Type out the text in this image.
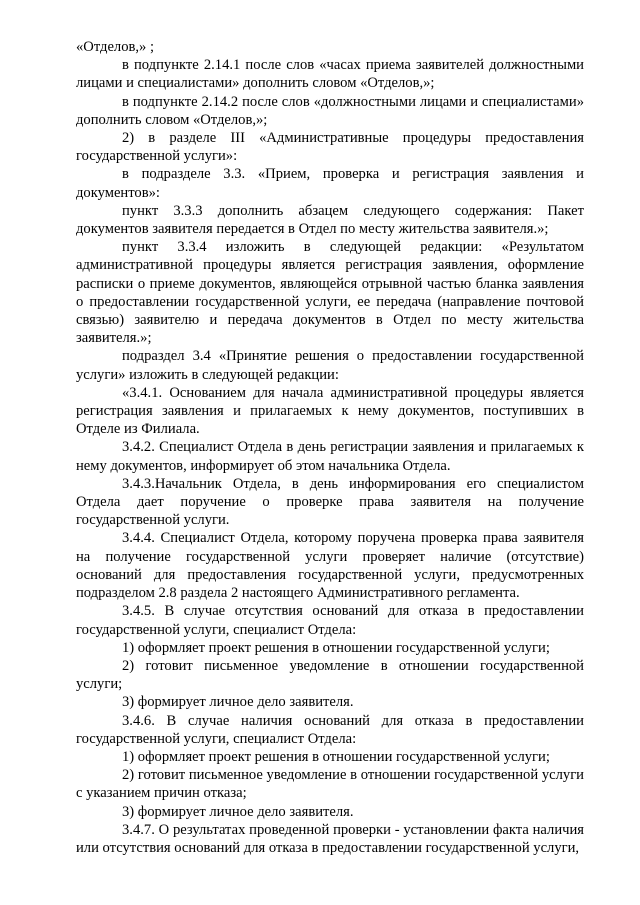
«Отделов,» ;

в подпункте 2.14.1 после слов «часах приема заявителей должностными лицами и специалистами» дополнить словом «Отделов,»;

в подпункте 2.14.2 после слов «должностными лицами и специалистами» дополнить словом «Отделов,»;

2) в разделе III «Административные процедуры предоставления государственной услуги»:

в подразделе 3.3. «Прием, проверка и регистрация заявления и документов»:

пункт 3.3.3 дополнить абзацем следующего содержания: Пакет документов заявителя передается в Отдел по месту жительства заявителя.»;

пункт 3.3.4 изложить в следующей редакции: «Результатом административной процедуры является регистрация заявления, оформление расписки о приеме документов, являющейся отрывной частью бланка заявления о предоставлении государственной услуги, ее передача (направление почтовой связью) заявителю и передача документов в Отдел по месту жительства заявителя.»;

подраздел 3.4 «Принятие решения о предоставлении государственной услуги» изложить в следующей редакции:

«3.4.1. Основанием для начала административной процедуры является регистрация заявления и прилагаемых к нему документов, поступивших в Отделе из Филиала.

3.4.2. Специалист Отдела в день регистрации заявления и прилагаемых к нему документов, информирует об этом начальника Отдела.

3.4.3.Начальник Отдела, в день информирования его специалистом Отдела дает поручение о проверке права заявителя на получение государственной услуги.

3.4.4. Специалист Отдела, которому поручена проверка права заявителя на получение государственной услуги проверяет наличие (отсутствие) оснований для предоставления государственной услуги, предусмотренных подразделом 2.8 раздела 2 настоящего Административного регламента.

3.4.5. В случае отсутствия оснований для отказа в предоставлении государственной услуги, специалист Отдела:

1) оформляет проект решения в отношении государственной услуги;

2) готовит письменное уведомление в отношении государственной услуги;

3) формирует личное дело заявителя.

3.4.6. В случае наличия оснований для отказа в предоставлении государственной услуги, специалист Отдела:

1) оформляет проект решения в отношении государственной услуги;

2) готовит письменное уведомление в отношении государственной услуги с указанием причин отказа;

3) формирует личное дело заявителя.

3.4.7. О результатах проведенной проверки - установлении факта наличия или отсутствия оснований для отказа в предоставлении государственной услуги,
